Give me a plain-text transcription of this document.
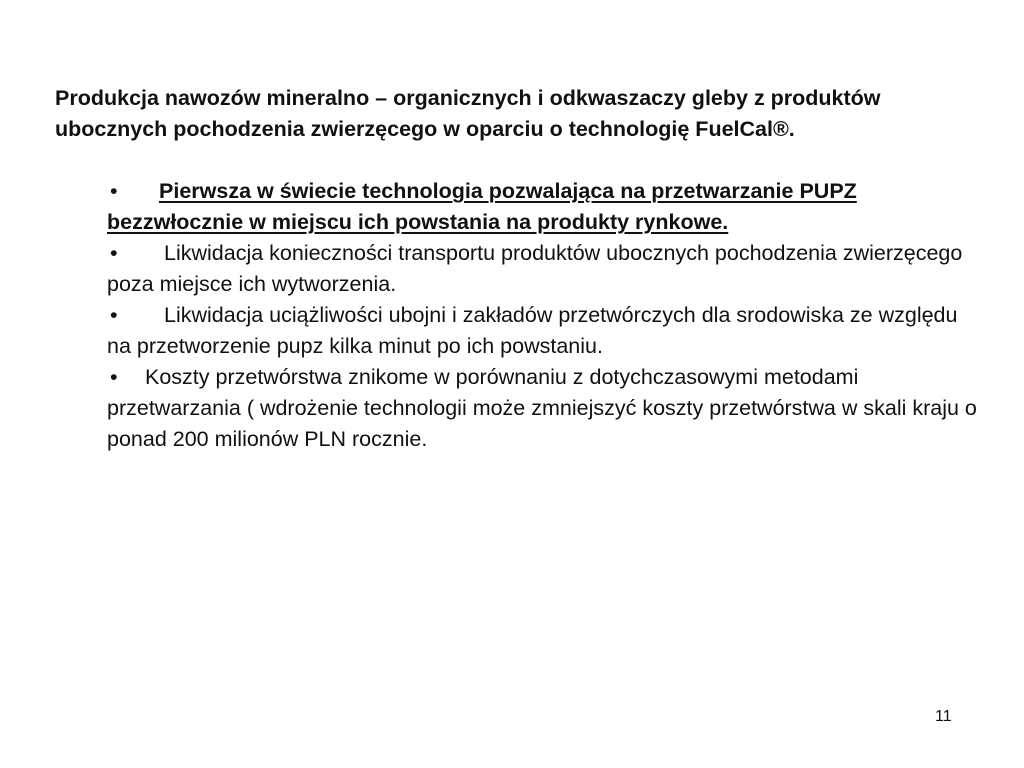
Produkcja nawozów mineralno – organicznych i odkwaszaczy gleby z produktów ubocznych pochodzenia zwierzęcego w oparciu o technologię FuelCal®.

• Pierwsza w świecie technologia pozwalająca na przetwarzanie PUPZ bezzwłocznie w miejscu ich powstania na produkty rynkowe.
• Likwidacja konieczności transportu produktów ubocznych pochodzenia zwierzęcego poza miejsce ich wytworzenia.
• Likwidacja uciążliwości ubojni i zakładów przetwórczych dla srodowiska ze względu na przetworzenie pupz kilka minut po ich powstaniu.
• Koszty przetwórstwa znikome w porównaniu z dotychczasowymi metodami przetwarzania ( wdrożenie technologii może zmniejszyć koszty przetwórstwa w skali kraju o ponad 200 milionów PLN rocznie.
11
